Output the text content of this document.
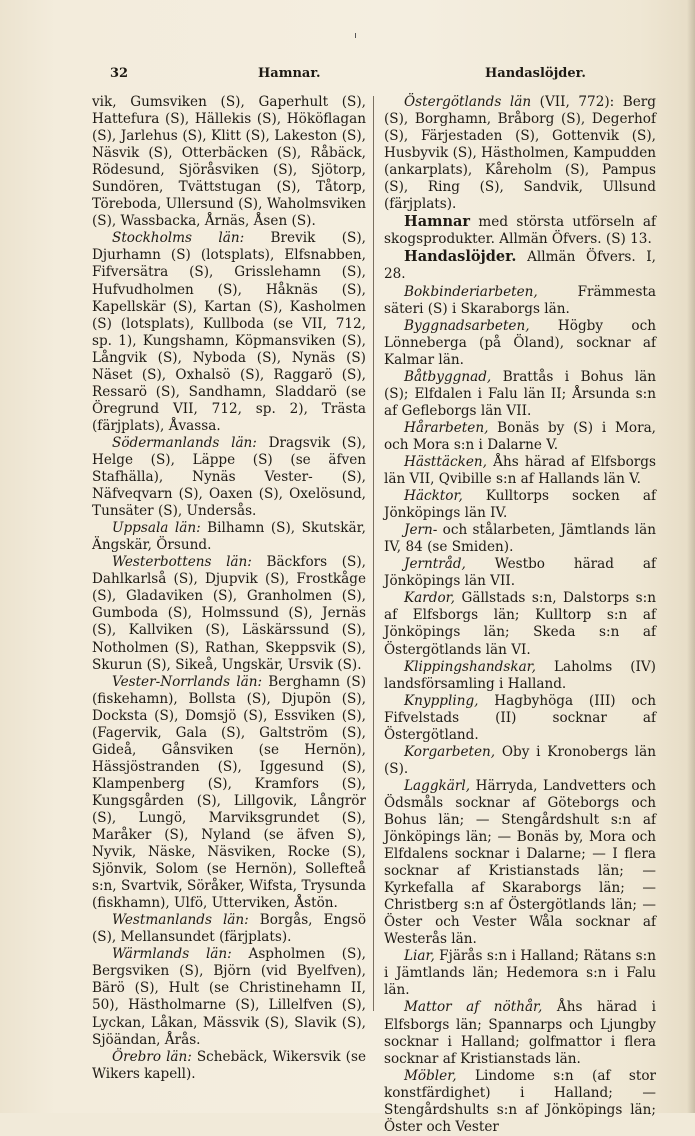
32	Hamnar.	Handaslöjder.

vik, Gumsviken (S), Gaperhult (S), Hattefura (S), Hällekis (S), Hököflagan (S), Jarlehus (S), Klitt (S), Lakeston (S), Näsvik (S), Otterbäcken (S), Råbäck, Rödesund, Sjöråsviken (S), Sjötorp, Sundören, Tvättstugan (S), Tåtorp, Töreboda, Ullersund (S), Waholmsviken (S), Wassbacka, Årnäs, Åsen (S).

Stockholms län: Brevik (S), Djurhamn (S) (lotsplats), Elfsnabben, Fifversätra (S), Grisslehamn (S), Hufvudholmen (S), Håknäs (S), Kapellskär (S), Kartan (S), Kasholmen (S) (lotsplats), Kullboda (se VII, 712, sp. 1), Kungshamn, Köpmansviken (S), Långvik (S), Nyboda (S), Nynäs (S) Näset (S), Oxhalsö (S), Raggarö (S), Ressarö (S), Sandhamn, Sladdarö (se Öregrund VII, 712, sp. 2), Trästa (färjplats), Åvassa.

Södermanlands län: Dragsvik (S), Helge (S), Läppe (S) (se äfven Stafhälla), Nynäs Vester- (S), Näfveqvarn (S), Oaxen (S), Oxelösund, Tunsäter (S), Undersås.

Uppsala län: Bilhamn (S), Skutskär, Ängskär, Örsund.

Westerbottens län: Bäckfors (S), Dahlkarlså (S), Djupvik (S), Frostkåge (S), Gladaviken (S), Granholmen (S), Gumboda (S), Holmssund (S), Jernäs (S), Kallviken (S), Läskärssund (S), Notholmen (S), Rathan, Skeppsvik (S), Skurun (S), Sikeå, Ungskär, Ursvik (S).

Vester-Norrlands län: Berghamn (S) (fiskehamn), Bollsta (S), Djupön (S), Docksta (S), Domsjö (S), Essviken (S), (Fagervik, Gala (S), Galtström (S), Gideå, Gånsviken (se Hernön), Hässjöstranden (S), Iggesund (S), Klampenberg (S), Kramfors (S), Kungsgården (S), Lillgovik, Långrör (S), Lungö, Marviksgrundet (S), Maråker (S), Nyland (se äfven S), Nyvik, Näske, Näsviken, Rocke (S), Sjönvik, Solom (se Hernön), Sollefteå s:n, Svartvik, Söråker, Wifsta, Trysunda (fiskhamn), Ulfö, Utterviken, Åstön.

Westmanlands län: Borgås, Engsö (S), Mellansundet (färjplats).

Wärmlands län: Aspholmen (S), Bergsviken (S), Björn (vid Byelfven), Bärö (S), Hult (se Christinehamn II, 50), Hästholmarne (S), Lillelfven (S), Lyckan, Låkan, Mässvik (S), Slavik (S), Sjöändan, Årås.

Örebro län: Schebäck, Wikersvik (se Wikers kapell).

Östergötlands län (VII, 772): Berg (S), Borghamn, Bråborg (S), Degerhof (S), Färjestaden (S), Gottenvik (S), Husbyvik (S), Hästholmen, Kampudden (ankarplats), Kåreholm (S), Pampus (S), Ring (S), Sandvik, Ullsund (färjplats).

Hamnar med största utförseln af skogsprodukter. Allmän Öfvers. (S) 13.

Handaslöjder. Allmän Öfvers. I, 28.

Bokbinderiarbeten, Främmesta säteri (S) i Skaraborgs län.

Byggnadsarbeten, Högby och Lönneberga (på Öland), socknar af Kalmar län.

Båtbyggnad, Brattås i Bohus län (S); Elfdalen i Falu län II; Årsunda s:n af Gefleborgs län VII.

Hårarbeten, Bonäs by (S) i Mora, och Mora s:n i Dalarne V.

Hästtäcken, Åhs härad af Elfsborgs län VII, Qvibille s:n af Hallands län V.

Häcktor, Kulltorps socken af Jönköpings län IV.

Jern- och stålarbeten, Jämtlands län IV, 84 (se Smiden).

Jerntråd, Westbo härad af Jönköpings län VII.

Kardor, Gällstads s:n, Dalstorps s:n af Elfsborgs län; Kulltorp s:n af Jönköpings län; Skeda s:n af Östergötlands län VI.

Klippingshandskar, Laholms (IV) landsförsamling i Halland.

Knyppling, Hagbyhöga (III) och Fifvelstads (II) socknar af Östergötland.

Korgarbeten, Oby i Kronobergs län (S).

Laggkärl, Härryda, Landvetters och Ödsmåls socknar af Göteborgs och Bohus län; — Stengårdshult s:n af Jönköpings län; — Bonäs by, Mora och Elfdalens socknar i Dalarne; — I flera socknar af Kristianstads län; — Kyrkefalla af Skaraborgs län; — Christberg s:n af Östergötlands län; — Öster och Vester Wåla socknar af Westerås län.

Liar, Fjärås s:n i Halland; Rätans s:n i Jämtlands län; Hedemora s:n i Falu län.

Mattor af nöthår, Åhs härad i Elfsborgs län; Spannarps och Ljungby socknar i Halland; golfmattor i flera socknar af Kristianstads län.

Möbler, Lindome s:n (af stor konstfärdighet) i Halland; — Stengårdshults s:n af Jönköpings län; Öster och Vester
